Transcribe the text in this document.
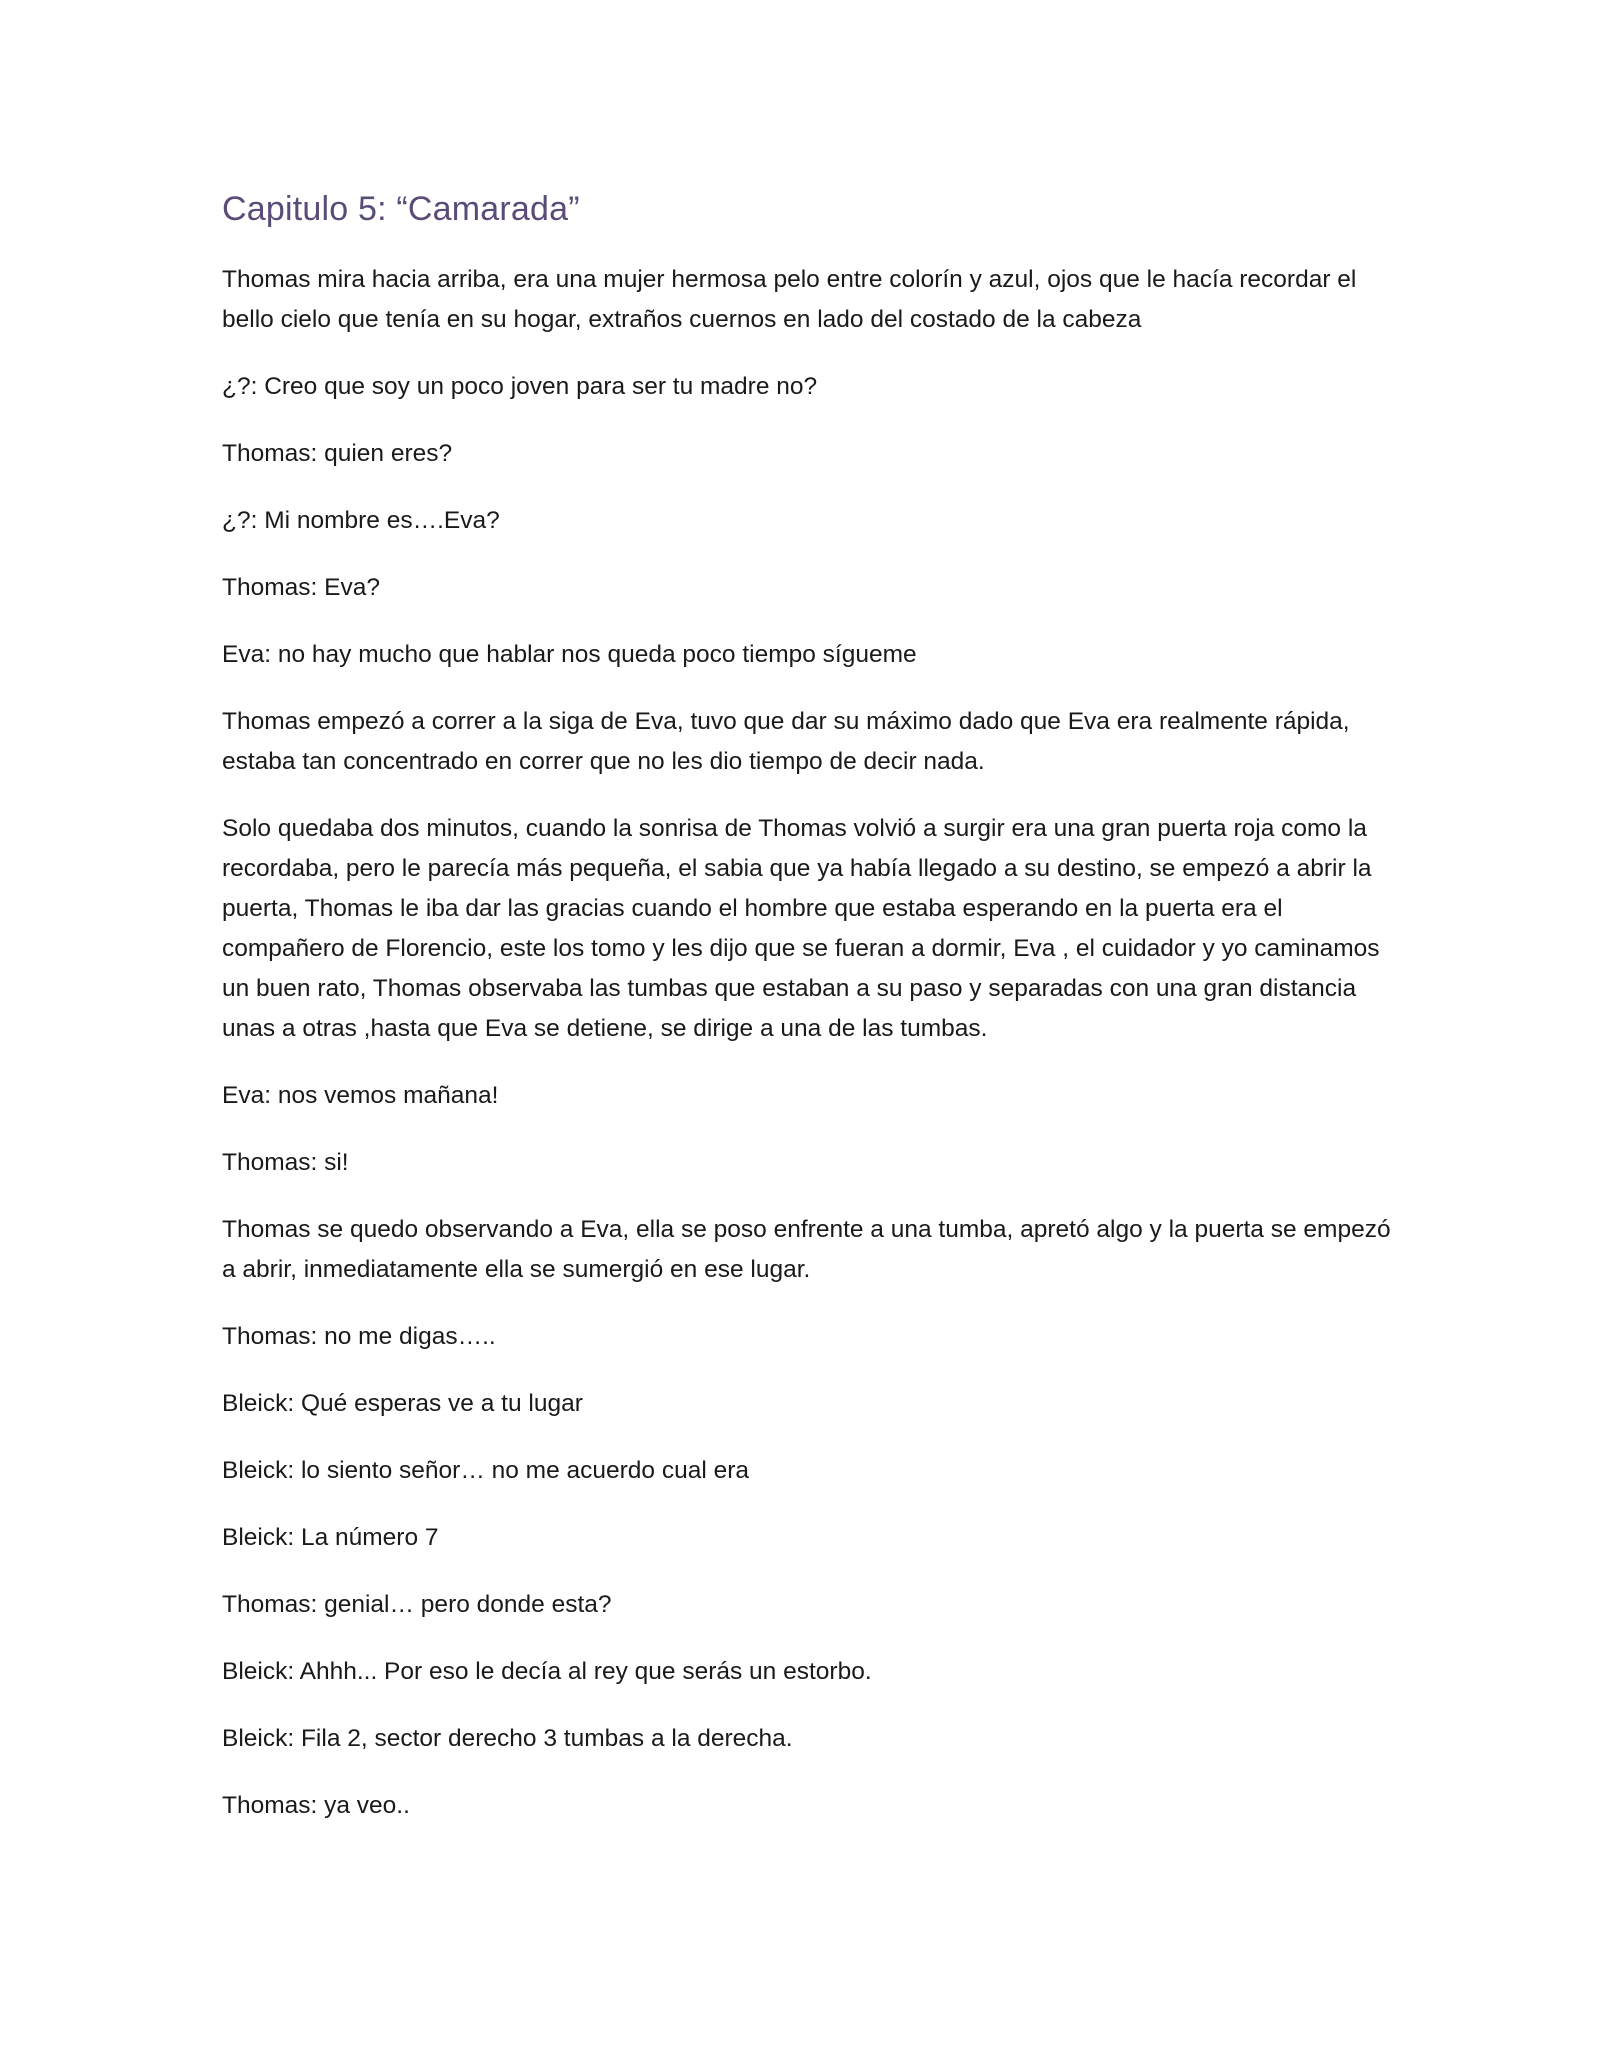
Capitulo 5: “Camarada”

Thomas mira hacia arriba, era una mujer hermosa pelo entre colorín y azul, ojos que le hacía recordar el bello cielo que tenía en su hogar, extraños cuernos en lado del costado de la cabeza

¿?: Creo que soy un poco joven para ser tu madre no?

Thomas: quien eres?

¿?: Mi nombre es….Eva?

Thomas: Eva?

Eva: no hay mucho que hablar nos queda poco tiempo sígueme

Thomas empezó a correr a la siga de Eva, tuvo que dar su máximo dado que Eva era realmente rápida, estaba tan concentrado en correr que no les dio tiempo de decir nada.

Solo quedaba dos minutos, cuando la sonrisa de Thomas volvió a surgir era una gran puerta roja como la recordaba, pero le parecía más pequeña, el sabia que ya había llegado a su destino, se empezó a abrir la puerta, Thomas le iba dar las gracias cuando el hombre que estaba esperando en la puerta era el compañero de Florencio, este los tomo y les dijo que se fueran a dormir, Eva , el cuidador y yo caminamos un buen rato, Thomas observaba las tumbas que estaban a su paso y separadas con una gran distancia unas a otras ,hasta que Eva se detiene, se dirige a una de las tumbas.

Eva: nos vemos mañana!

Thomas: si!

Thomas se quedo observando a Eva, ella se poso enfrente a una tumba, apretó algo y la puerta se empezó a abrir, inmediatamente ella se sumergió en ese lugar.

Thomas: no me digas…..

Bleick: Qué esperas ve a tu lugar

Bleick: lo siento señor… no me acuerdo cual era

Bleick: La número 7

Thomas: genial… pero donde esta?

Bleick: Ahhh... Por eso le decía al rey que serás un estorbo.

Bleick: Fila 2, sector derecho 3 tumbas a la derecha.

Thomas: ya veo..
